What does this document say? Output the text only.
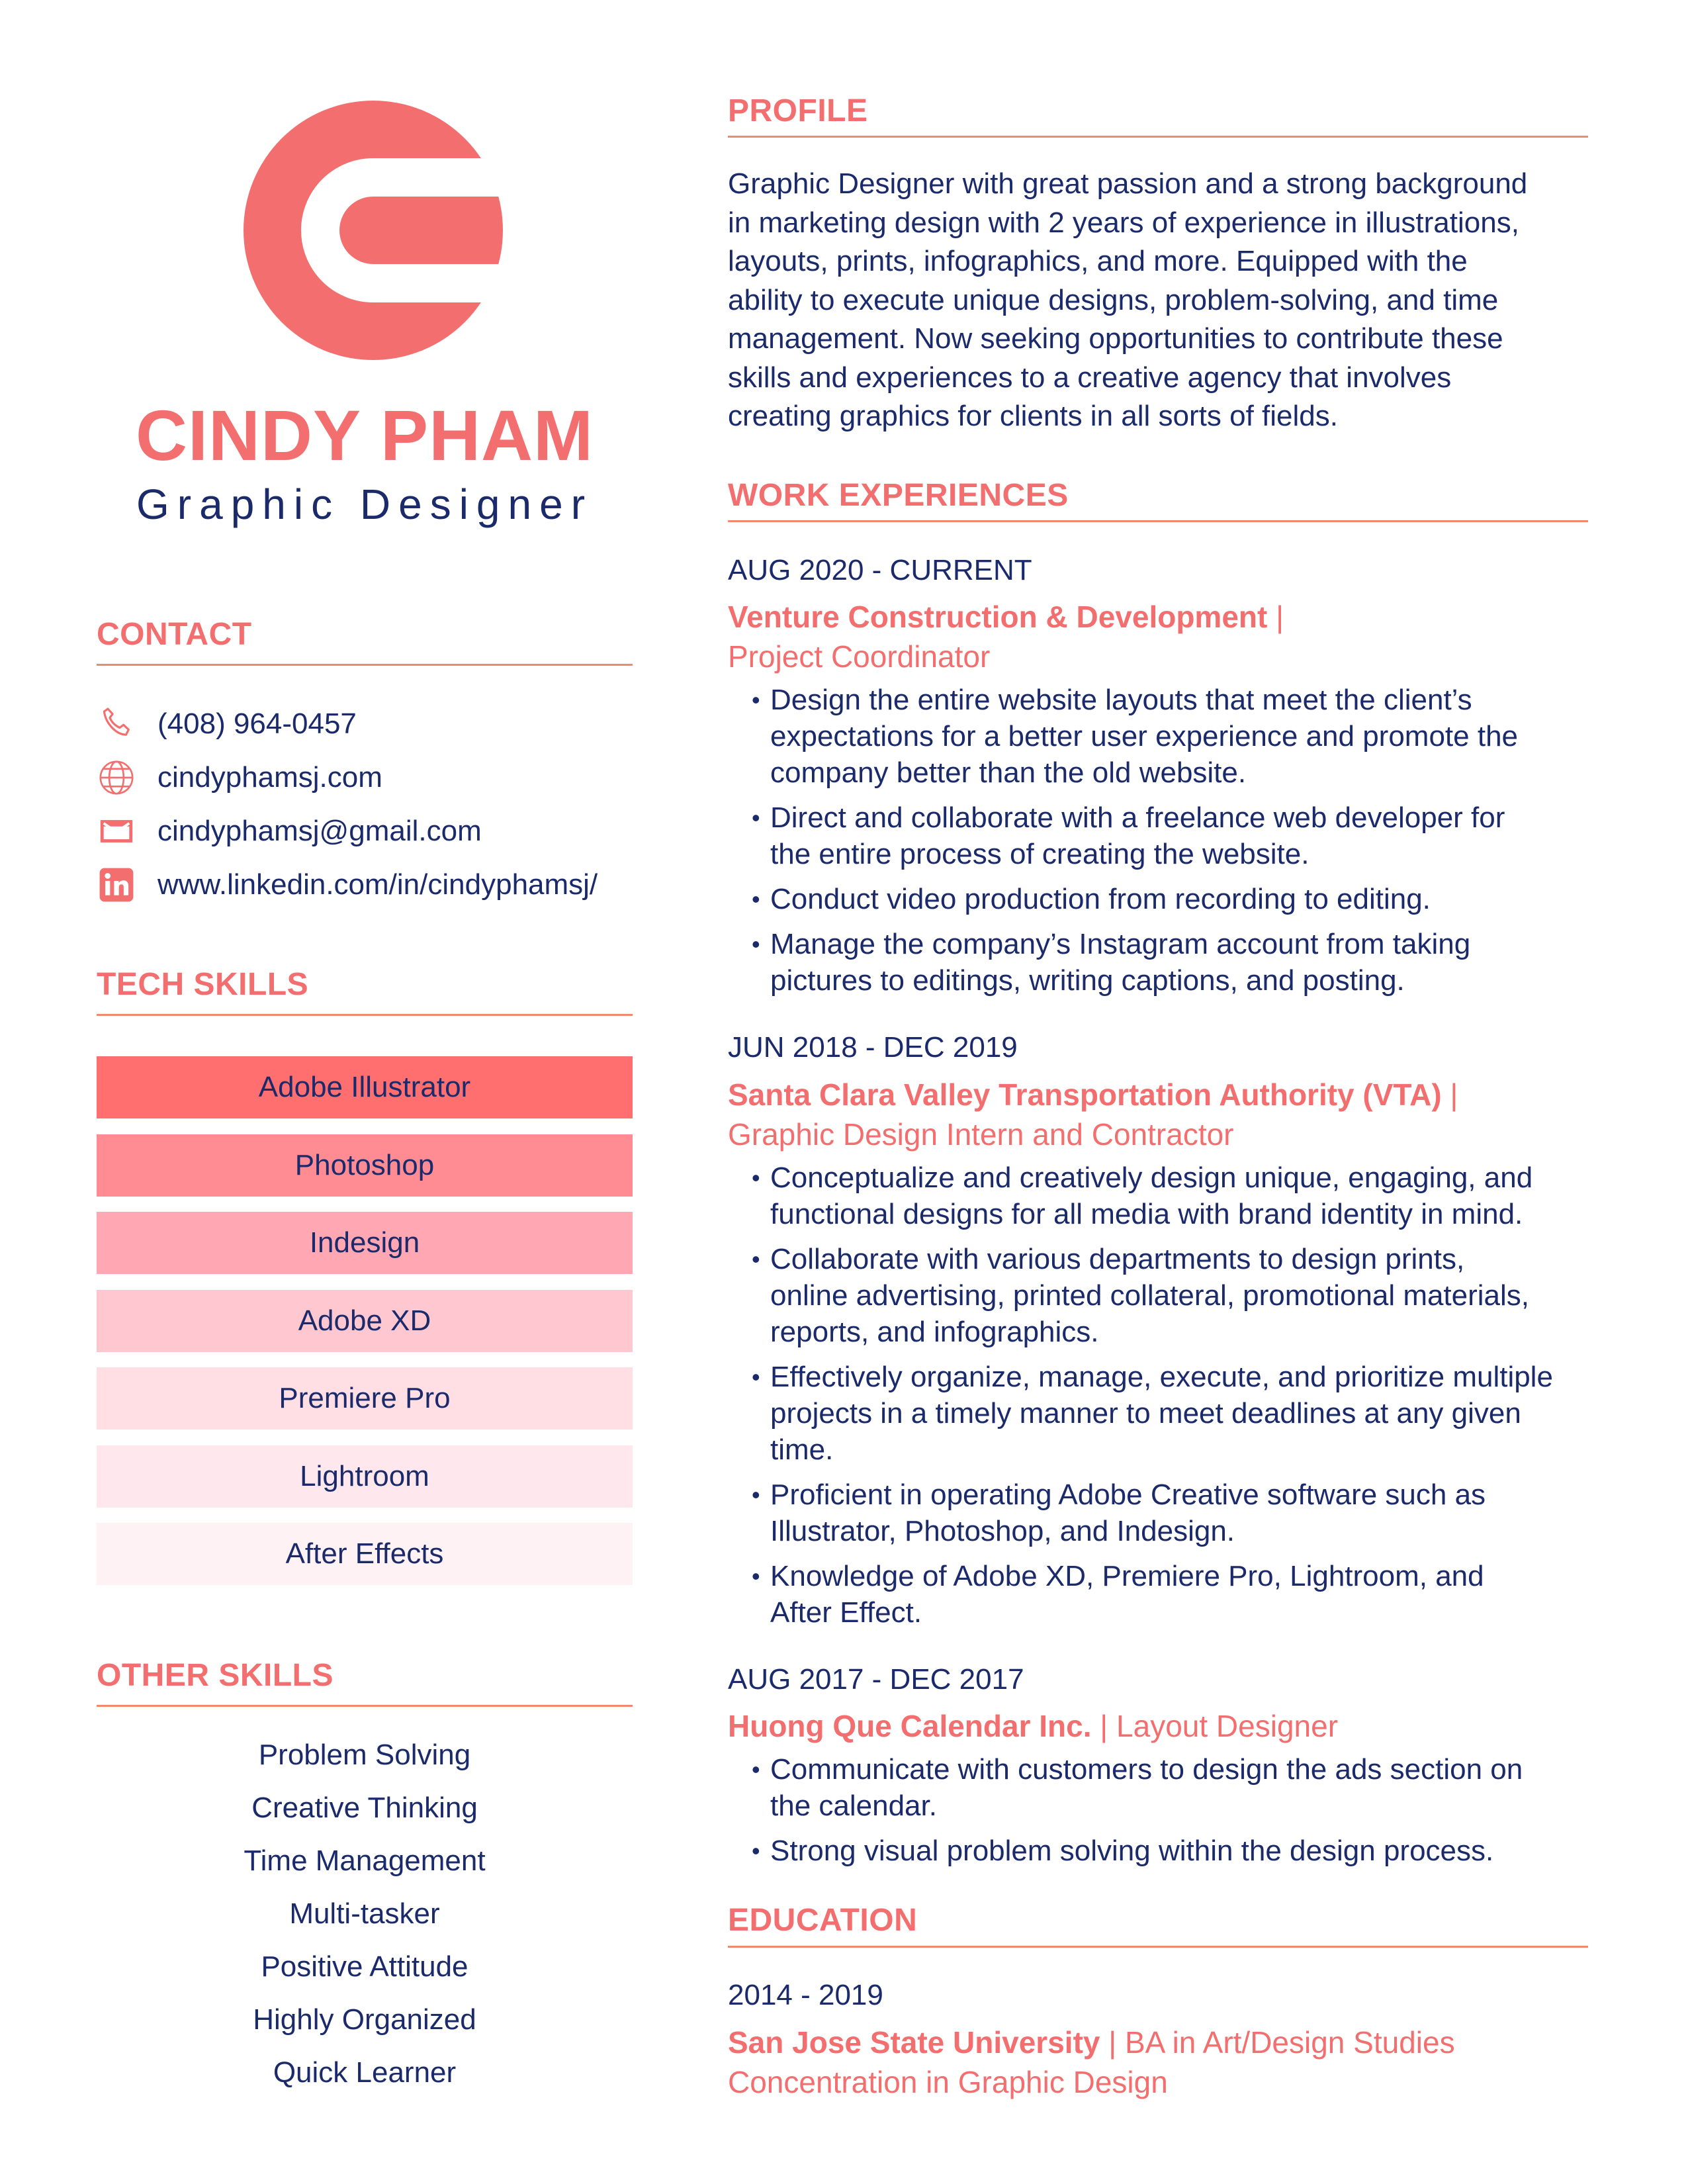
CINDY PHAM
Graphic Designer
CONTACT
(408) 964-0457
cindyphamsj.com
cindyphamsj@gmail.com
www.linkedin.com/in/cindyphamsj/
TECH SKILLS
Adobe Illustrator
Photoshop
Indesign
Adobe XD
Premiere Pro
Lightroom
After Effects
OTHER SKILLS
Problem Solving
Creative Thinking
Time Management
Multi-tasker
Positive Attitude
Highly Organized
Quick Learner
PROFILE
Graphic Designer with great passion and a strong background
in marketing design with 2 years of experience in illustrations,
layouts, prints, infographics, and more. Equipped with the
ability to execute unique designs, problem-solving, and time
management. Now seeking opportunities to contribute these
skills and experiences to a creative agency that involves
creating graphics for clients in all sorts of fields.
WORK EXPERIENCES
AUG 2020 - CURRENT
Venture Construction & Development |
Project Coordinator
• Design the entire website layouts that meet the client’s
expectations for a better user experience and promote the
company better than the old website.
• Direct and collaborate with a freelance web developer for
the entire process of creating the website.
• Conduct video production from recording to editing.
• Manage the company’s Instagram account from taking
pictures to editings, writing captions, and posting.
JUN 2018 - DEC 2019
Santa Clara Valley Transportation Authority (VTA) |
Graphic Design Intern and Contractor
• Conceptualize and creatively design unique, engaging, and
functional designs for all media with brand identity in mind.
• Collaborate with various departments to design prints,
online advertising, printed collateral, promotional materials,
reports, and infographics.
• Effectively organize, manage, execute, and prioritize multiple
projects in a timely manner to meet deadlines at any given
time.
• Proficient in operating Adobe Creative software such as
Illustrator, Photoshop, and Indesign.
• Knowledge of Adobe XD, Premiere Pro, Lightroom, and
After Effect.
AUG 2017 - DEC 2017
Huong Que Calendar Inc. | Layout Designer
• Communicate with customers to design the ads section on
the calendar.
• Strong visual problem solving within the design process.
EDUCATION
2014 - 2019
San Jose State University | BA in Art/Design Studies
Concentration in Graphic Design
